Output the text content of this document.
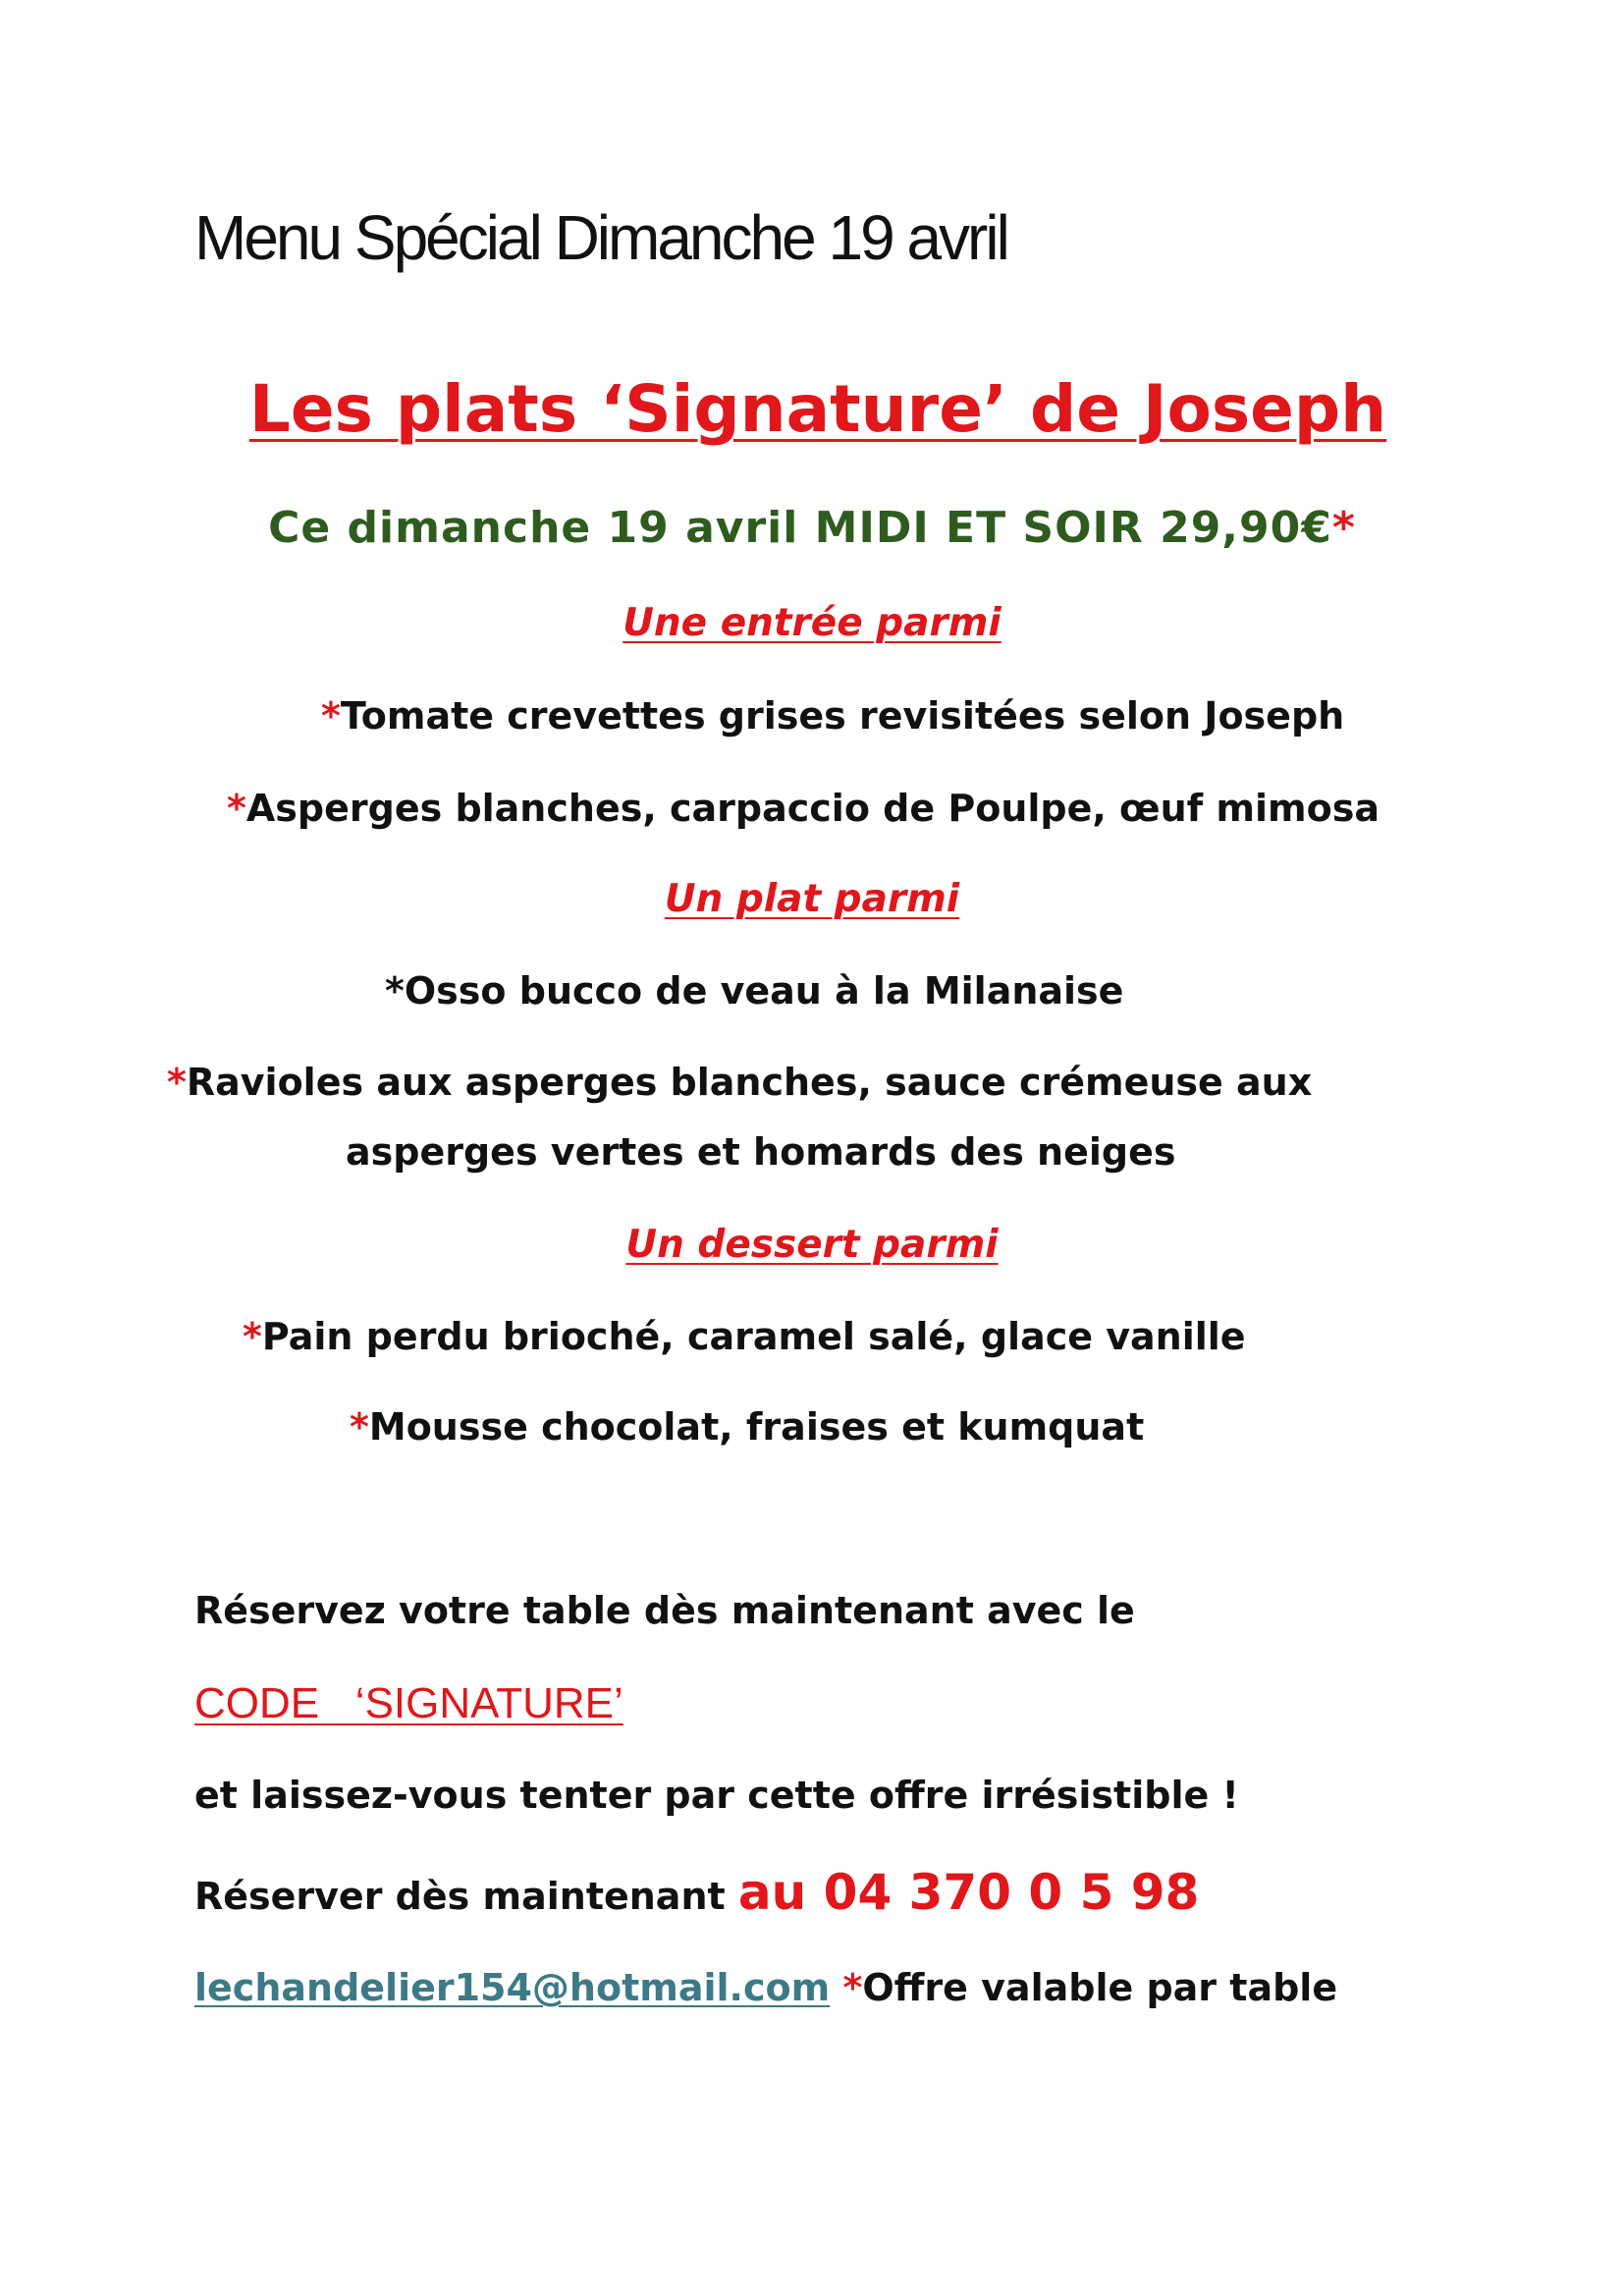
Menu Spécial Dimanche 19 avril
Les plats ‘Signature’ de Joseph
Ce dimanche 19 avril MIDI ET SOIR 29,90€*
Une entrée parmi
*Tomate crevettes grises revisitées selon Joseph
*Asperges blanches, carpaccio de Poulpe, œuf mimosa
Un plat parmi
*Osso bucco de veau à la Milanaise
*Ravioles aux asperges blanches, sauce crémeuse aux
asperges vertes et homards des neiges
Un dessert parmi
*Pain perdu brioché, caramel salé, glace vanille
*Mousse chocolat, fraises et kumquat
Réservez votre table dès maintenant avec le
CODE   ‘SIGNATURE’
et laissez-vous tenter par cette offre irrésistible !
Réserver dès maintenant au 04 370 0 5 98
lechandelier154@hotmail.com *Offre valable par table
